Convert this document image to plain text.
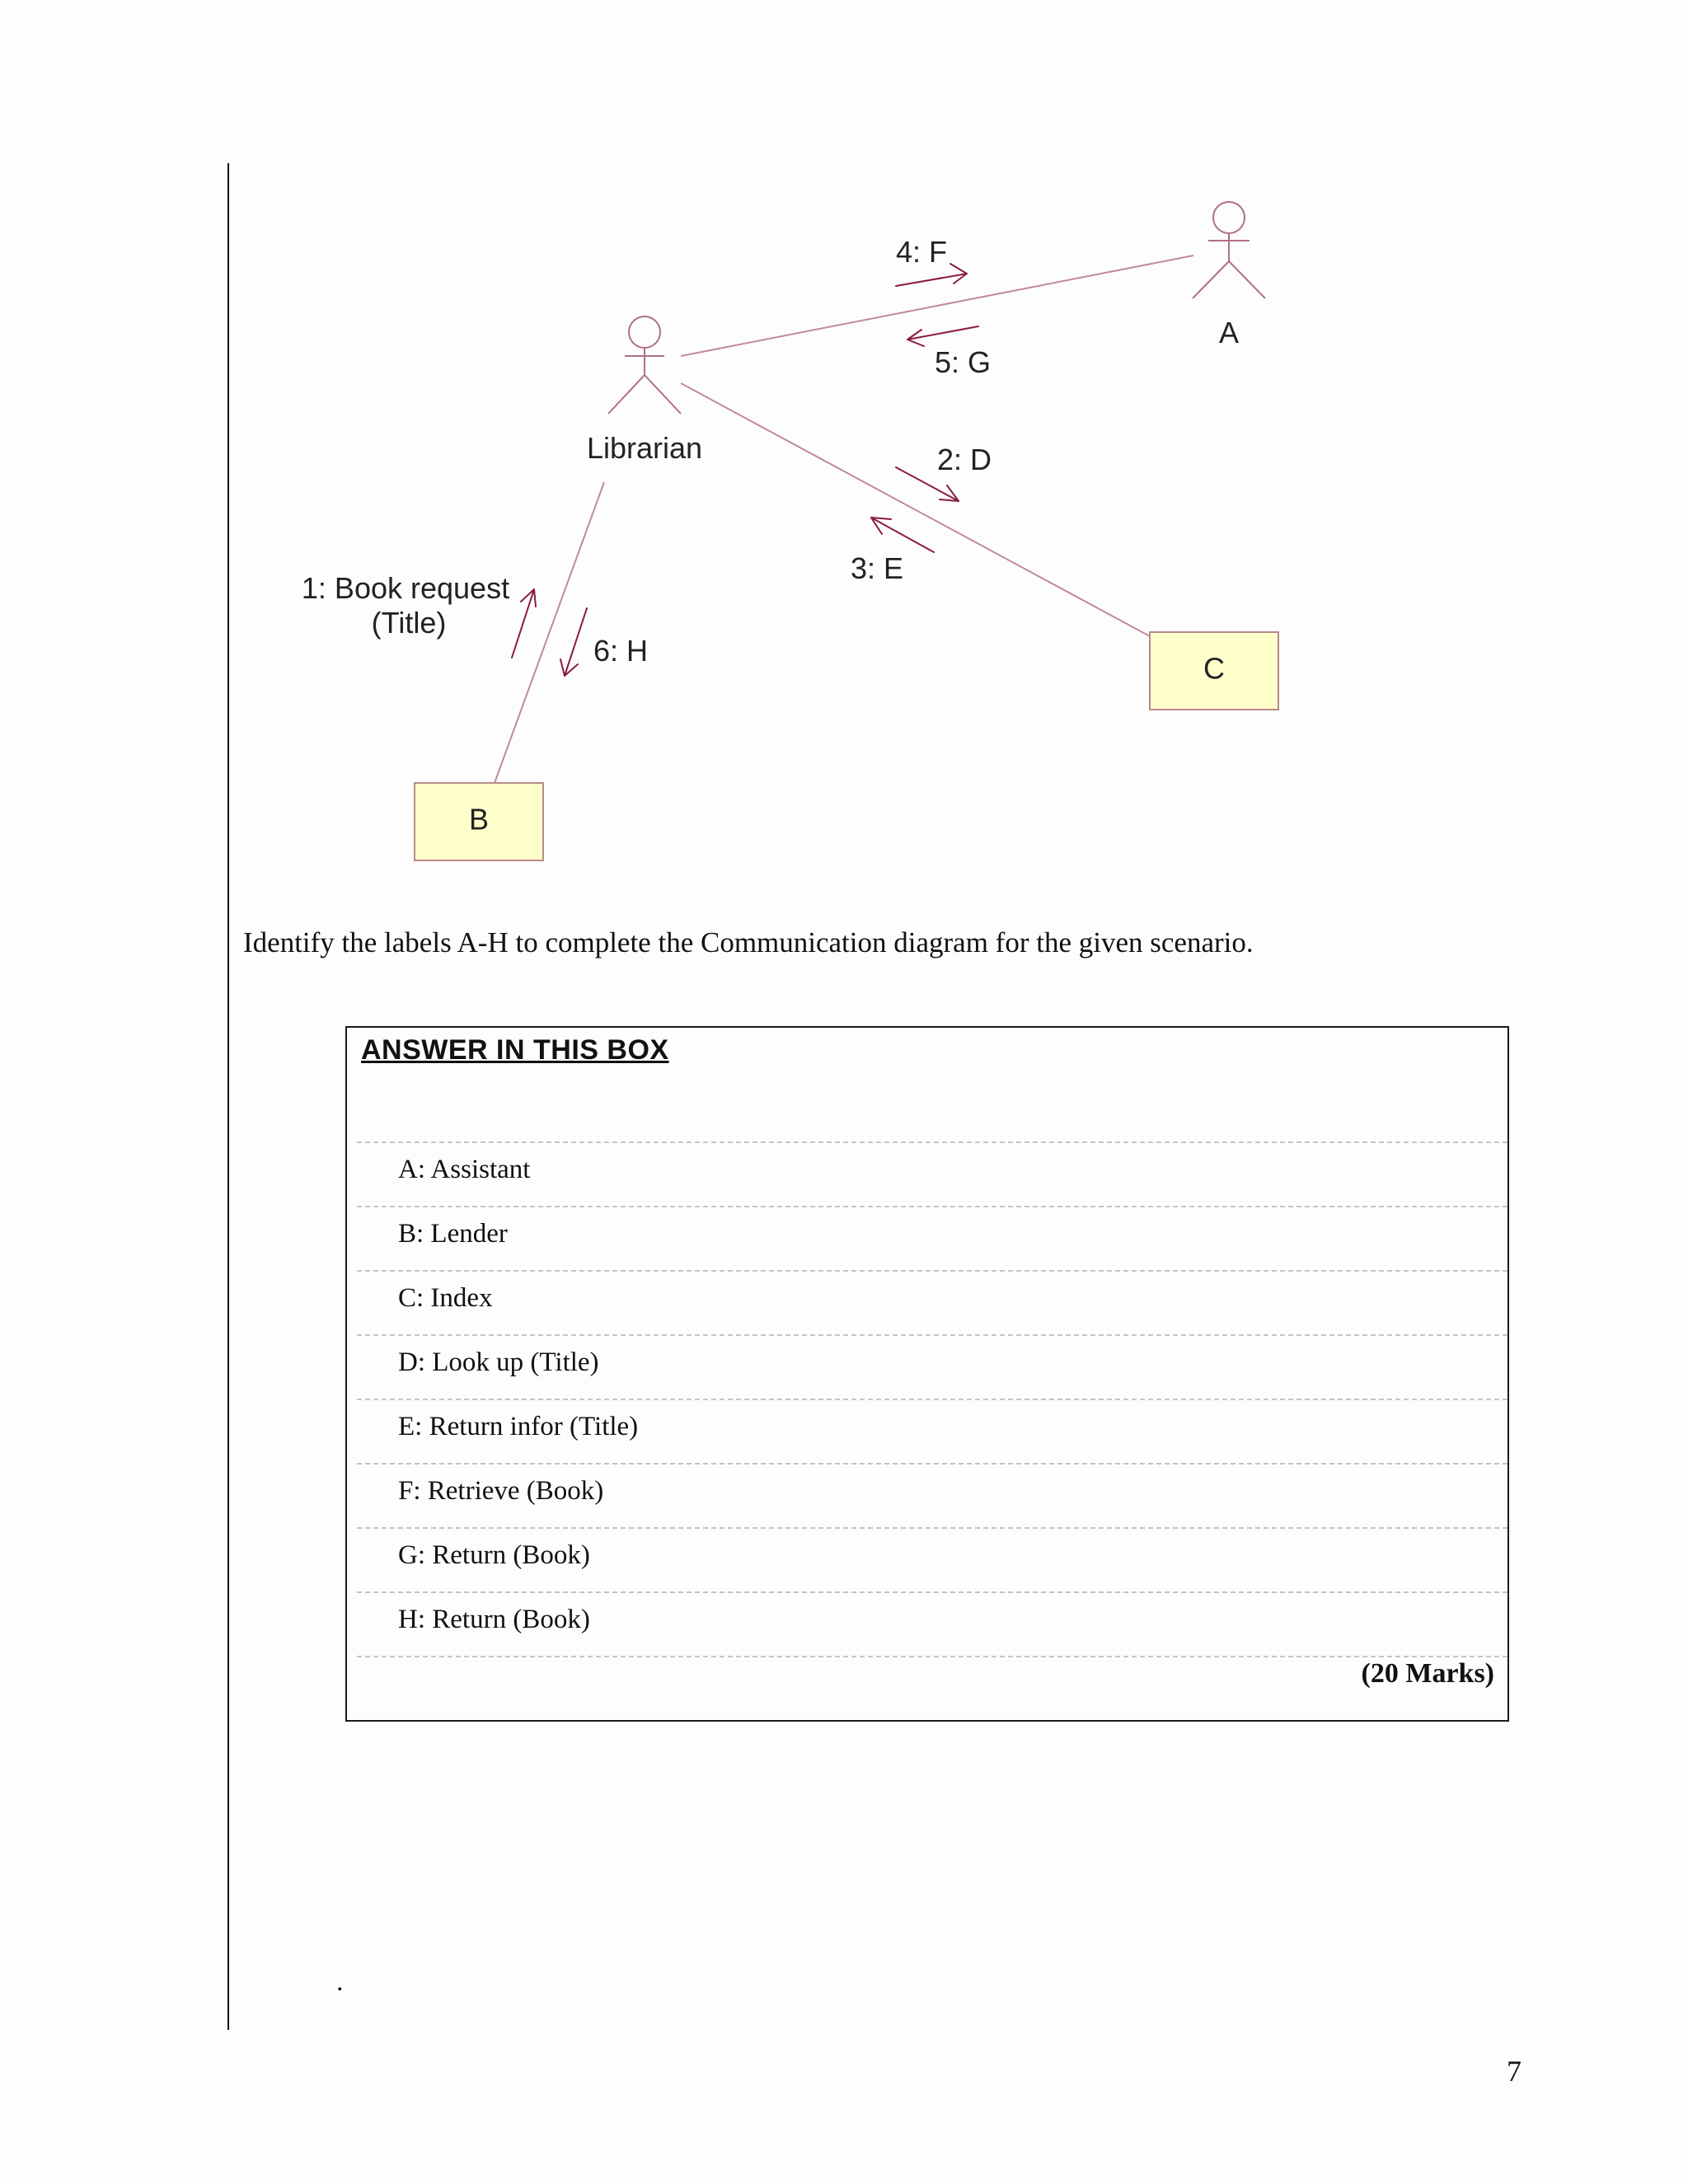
Librarian
A
B
C
4: F
5: G
2: D
3: E
1: Book request
(Title)
6: H
Identify the labels A-H to complete the Communication diagram for the given scenario.
ANSWER IN THIS BOX
A: Assistant
B: Lender
C: Index
D: Look up (Title)
E: Return infor (Title)
F: Retrieve (Book)
G: Return (Book)
H: Return (Book)
(20 Marks)
.
7
